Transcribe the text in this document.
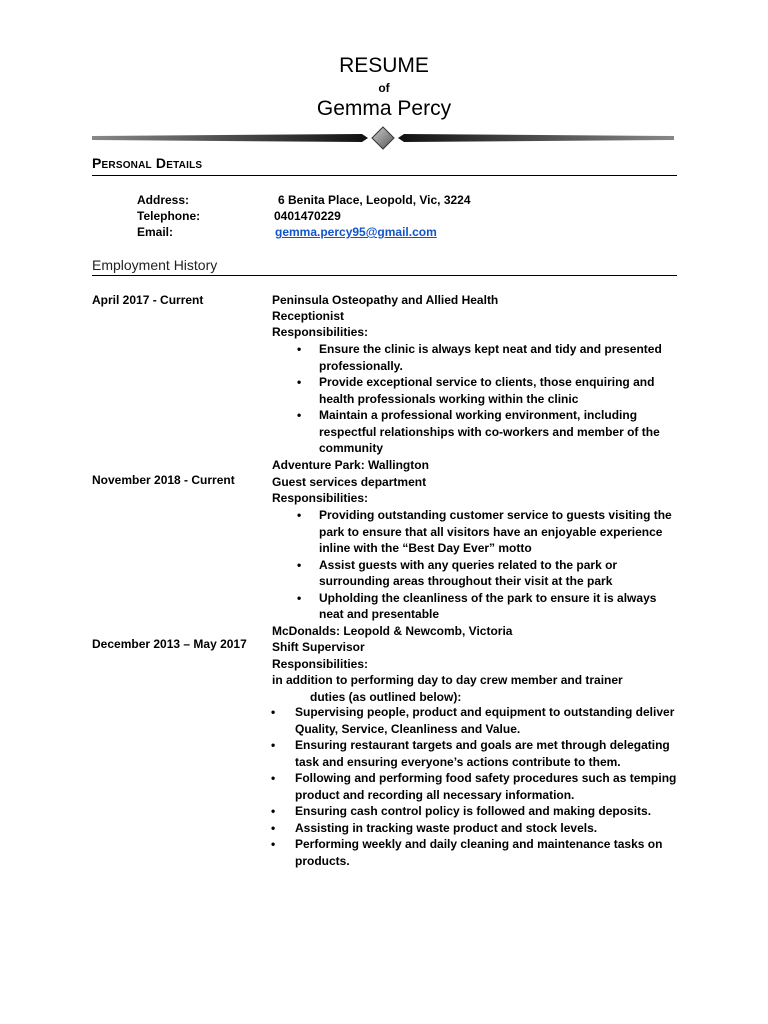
RESUME
of
Gemma Percy
Personal Details
Address:	6 Benita Place, Leopold, Vic, 3224
Telephone:	0401470229
Email:	gemma.percy95@gmail.com
Employment History
April 2017 - Current	Peninsula Osteopathy and Allied Health
Receptionist
Responsibilities:
• Ensure the clinic is always kept neat and tidy and presented professionally.
• Provide exceptional service to clients, those enquiring and health professionals working within the clinic
• Maintain a professional working environment, including respectful relationships with co-workers and member of the community
Adventure Park: Wallington
November 2018 - Current	Guest services department
Responsibilities:
• Providing outstanding customer service to guests visiting the park to ensure that all visitors have an enjoyable experience inline with the “Best Day Ever” motto
• Assist guests with any queries related to the park or surrounding areas throughout their visit at the park
• Upholding the cleanliness of the park to ensure it is always neat and presentable
McDonalds: Leopold & Newcomb, Victoria
December 2013 – May 2017 Shift Supervisor
Responsibilities:
in addition to performing day to day crew member and trainer
duties (as outlined below):
• Supervising people, product and equipment to outstanding deliver Quality, Service, Cleanliness and Value.
• Ensuring restaurant targets and goals are met through delegating task and ensuring everyone’s actions contribute to them.
• Following and performing food safety procedures such as temping product and recording all necessary information.
• Ensuring cash control policy is followed and making deposits.
• Assisting in tracking waste product and stock levels.
• Performing weekly and daily cleaning and maintenance tasks on products.
